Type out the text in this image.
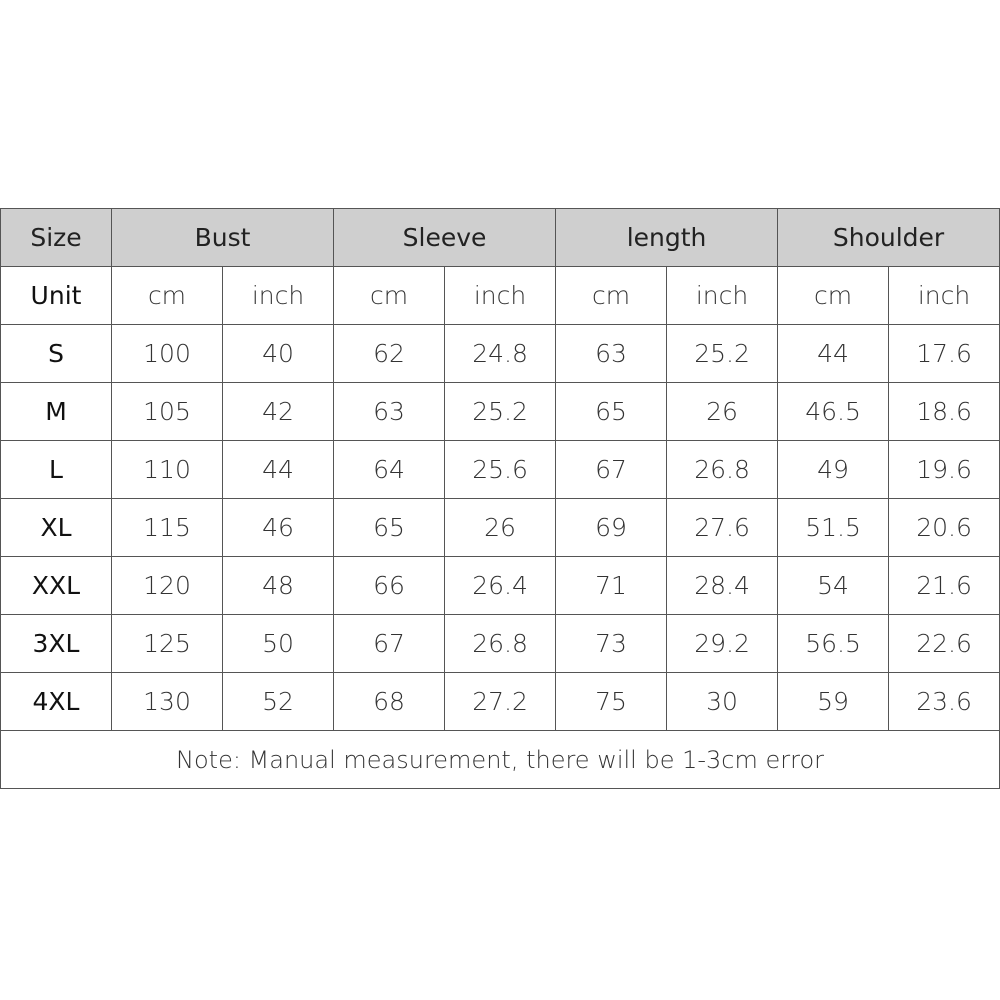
Size	Bust		Sleeve		length		Shoulder	
Unit	cm	inch	cm	inch	cm	inch	cm	inch
S	100	40	62	24.8	63	25.2	44	17.6
M	105	42	63	25.2	65	26	46.5	18.6
L	110	44	64	25.6	67	26.8	49	19.6
XL	115	46	65	26	69	27.6	51.5	20.6
XXL	120	48	66	26.4	71	28.4	54	21.6
3XL	125	50	67	26.8	73	29.2	56.5	22.6
4XL	130	52	68	27.2	75	30	59	23.6
Note: Manual measurement, there will be 1-3cm error								
